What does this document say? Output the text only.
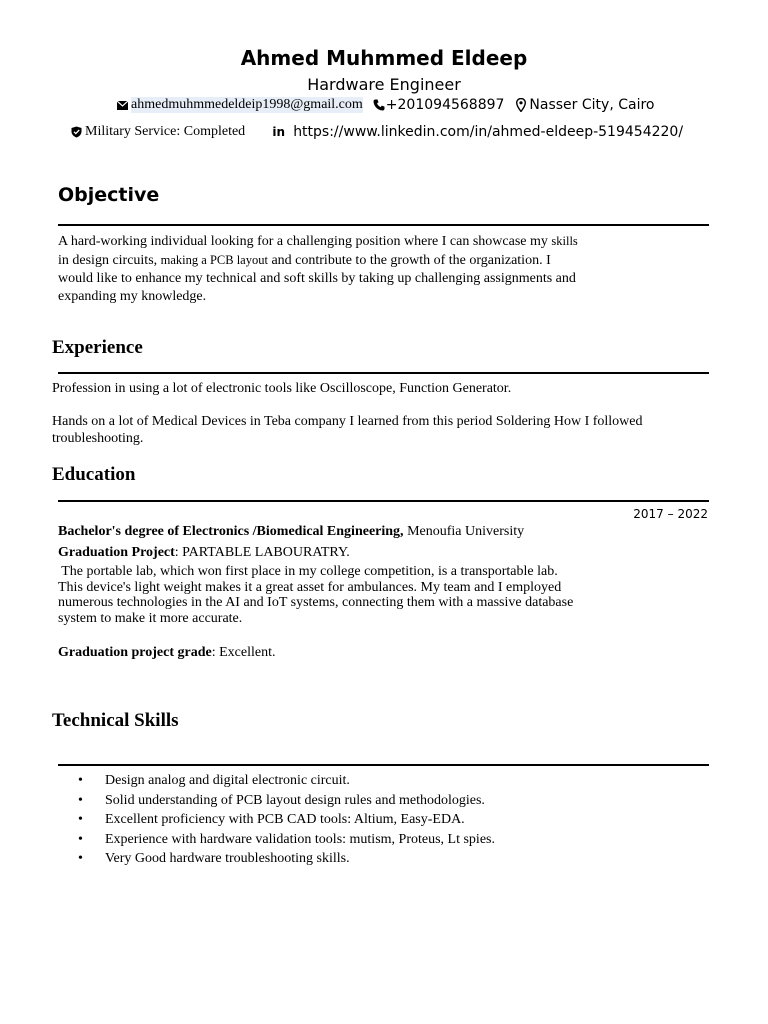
Ahmed Muhmmed Eldeep
Hardware Engineer
ahmedmuhmmedeldeip1998@gmail.com +201094568897 Nasser City, Cairo
Military Service: Completed in https://www.linkedin.com/in/ahmed-eldeep-519454220/
Objective
A hard-working individual looking for a challenging position where I can showcase my skills
in design circuits, making a PCB layout and contribute to the growth of the organization. I
would like to enhance my technical and soft skills by taking up challenging assignments and
expanding my knowledge.
Experience
Profession in using a lot of electronic tools like Oscilloscope, Function Generator.
Hands on a lot of Medical Devices in Teba company I learned from this period Soldering How I followed
troubleshooting.
Education
2017 – 2022
Bachelor's degree of Electronics /Biomedical Engineering, Menoufia University
Graduation Project: PARTABLE LABOURATRY.
The portable lab, which won first place in my college competition, is a transportable lab.
This device's light weight makes it a great asset for ambulances. My team and I employed
numerous technologies in the AI and IoT systems, connecting them with a massive database
system to make it more accurate.
Graduation project grade: Excellent.
Technical Skills
• Design analog and digital electronic circuit.
• Solid understanding of PCB layout design rules and methodologies.
• Excellent proficiency with PCB CAD tools: Altium, Easy-EDA.
• Experience with hardware validation tools: mutism, Proteus, Lt spies.
• Very Good hardware troubleshooting skills.
